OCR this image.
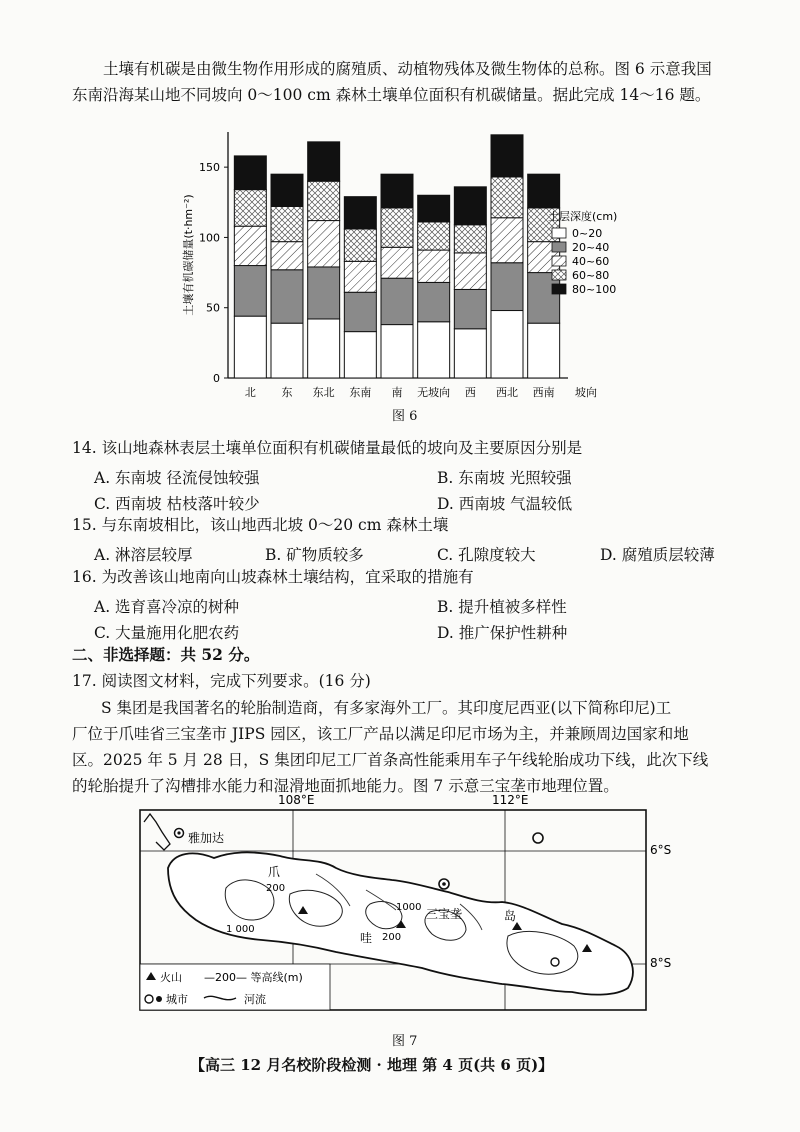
土壤有机碳是由微生物作用形成的腐殖质、动植物残体及微生物体的总称。图 6 示意我国
东南沿海某山地不同坡向 0～100 cm 森林土壤单位面积有机碳储量。据此完成 14～16 题。
0
50
100
150
土壤有机碳储量(t·hm⁻²)
北 东 东北 东南 南 无坡向 西 西北 西南 坡向
土层深度(cm)
0~20
20~40
40~60
60~80
80~100
图 6
14. 该山地森林表层土壤单位面积有机碳储量最低的坡向及主要原因分别是
A. 东南坡 径流侵蚀较强	B. 东南坡 光照较强
C. 西南坡 枯枝落叶较少	D. 西南坡 气温较低
15. 与东南坡相比，该山地西北坡 0～20 cm 森林土壤
A. 淋溶层较厚	B. 矿物质较多	C. 孔隙度较大	D. 腐殖质层较薄
16. 为改善该山地南向山坡森林土壤结构，宜采取的措施有
A. 选育喜冷凉的树种	B. 提升植被多样性
C. 大量施用化肥农药	D. 推广保护性耕种
二、非选择题：共 52 分。
17. 阅读图文材料，完成下列要求。(16 分)
S 集团是我国著名的轮胎制造商，有多家海外工厂。其印度尼西亚(以下简称印尼)工
厂位于爪哇省三宝垄市 JIPS 园区，该工厂产品以满足印尼市场为主，并兼顾周边国家和地
区。2025 年 5 月 28 日，S 集团印尼工厂首条高性能乘用车子午线轮胎成功下线，此次下线
的轮胎提升了沟槽排水能力和湿滑地面抓地能力。图 7 示意三宝垄市地理位置。
108°E	112°E
6°S
8°S
雅加达
三宝垄
爪
哇
岛
200
1 000
1000
200
火山 —200— 等高线(m)
城市	河流
图 7
【高三 12 月名校阶段检测 · 地理 第 4 页(共 6 页)】
